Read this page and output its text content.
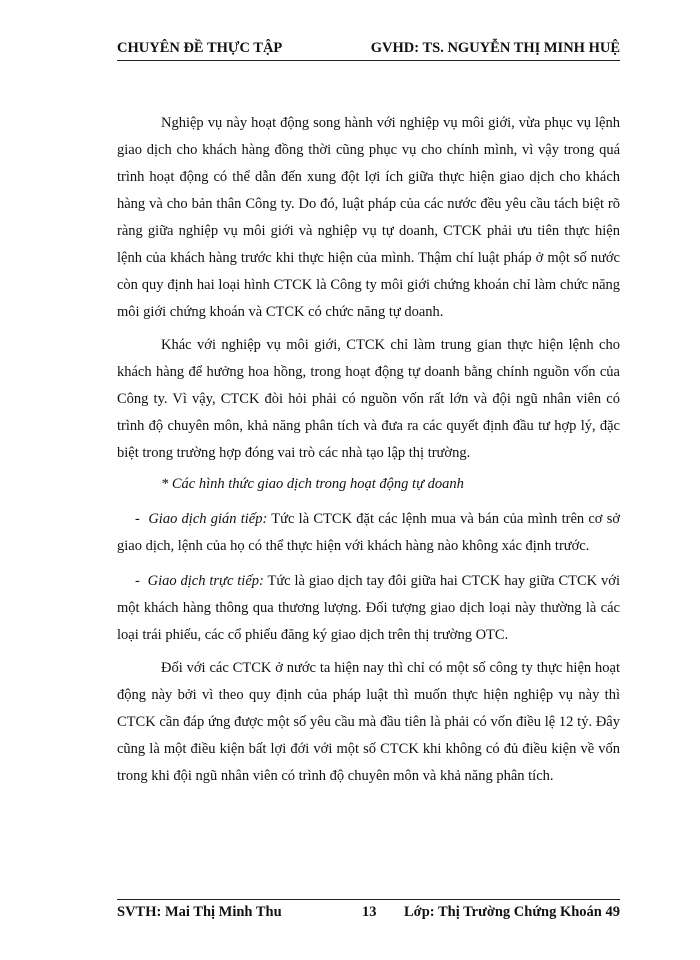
CHUYÊN ĐỀ THỰC TẬP	GVHD: TS. NGUYỄN THỊ MINH HUỆ

Nghiệp vụ này hoạt động song hành với nghiệp vụ môi giới, vừa phục vụ lệnh giao dịch cho khách hàng đồng thời cũng phục vụ cho chính mình, vì vậy trong quá trình hoạt động có thể dẫn đến xung đột lợi ích giữa thực hiện giao dịch cho khách hàng và cho bản thân Công ty. Do đó, luật pháp của các nước đều yêu cầu tách biệt rõ ràng giữa nghiệp vụ môi giới và nghiệp vụ tự doanh, CTCK phải ưu tiên thực hiện lệnh của khách hàng trước khi thực hiện của mình. Thậm chí luật pháp ở một số nước còn quy định hai loại hình CTCK là Công ty môi giới chứng khoán chỉ làm chức năng môi giới chứng khoán và CTCK có chức năng tự doanh.

Khác với nghiệp vụ môi giới, CTCK chỉ làm trung gian thực hiện lệnh cho khách hàng để hưởng hoa hồng, trong hoạt động tự doanh bằng chính nguồn vốn của Công ty. Vì vậy, CTCK đòi hỏi phải có nguồn vốn rất lớn và đội ngũ nhân viên có trình độ chuyên môn, khả năng phân tích và đưa ra các quyết định đầu tư hợp lý, đặc biệt trong trường hợp đóng vai trò các nhà tạo lập thị trường.

* Các hình thức giao dịch trong hoạt động tự doanh

- Giao dịch gián tiếp: Tức là CTCK đặt các lệnh mua và bán của mình trên cơ sở giao dịch, lệnh của họ có thể thực hiện với khách hàng nào không xác định trước.

- Giao dịch trực tiếp: Tức là giao dịch tay đôi giữa hai CTCK hay giữa CTCK với một khách hàng thông qua thương lượng. Đối tượng giao dịch loại này thường là các loại trái phiếu, các cổ phiếu đăng ký giao dịch trên thị trường OTC.

Đối với các CTCK ở nước ta hiện nay thì chỉ có một số công ty thực hiện hoạt động này bởi vì theo quy định của pháp luật thì muốn thực hiện nghiệp vụ này thì CTCK cần đáp ứng được một số yêu cầu mà đầu tiên là phải có vốn điều lệ 12 tỷ. Đây cũng là một điều kiện bất lợi đới với một số CTCK khi không có đủ điều kiện về vốn trong khi đội ngũ nhân viên có trình độ chuyên môn và khả năng phân tích.

SVTH: Mai Thị Minh Thu	13 Lớp: Thị Trường Chứng Khoán 49
